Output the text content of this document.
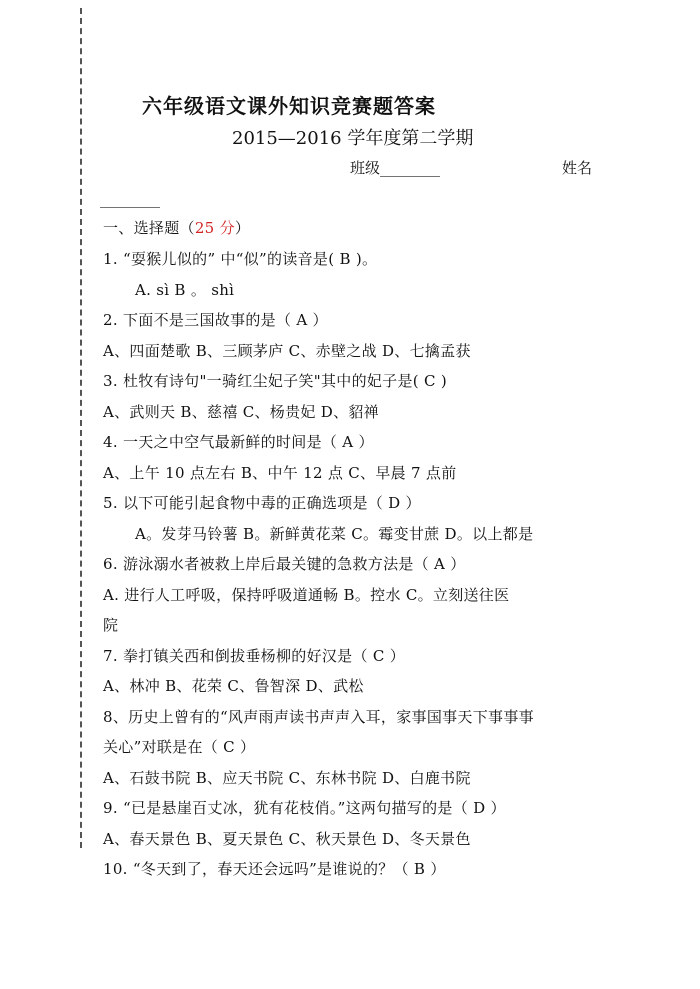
六年级语文课外知识竞赛题答案
2015—2016 学年度第二学期
班级________	姓名
________
一、选择题（25 分）
1. “耍猴儿似的” 中“似”的读音是( B )。
A. sì B 。 shì
2. 下面不是三国故事的是（ A ）
A、四面楚歌 B、三顾茅庐 C、赤壁之战 D、七擒孟获
3. 杜牧有诗句"一骑红尘妃子笑"其中的妃子是( C )
A、武则天 B、慈禧 C、杨贵妃 D、貂禅
4. 一天之中空气最新鲜的时间是（ A ）
A、上午 10 点左右 B、中午 12 点 C、早晨 7 点前
5. 以下可能引起食物中毒的正确选项是（ D ）
A。发芽马铃薯 B。新鲜黄花菜 C。霉变甘蔗 D。以上都是
6. 游泳溺水者被救上岸后最关键的急救方法是（ A ）
A. 进行人工呼吸，保持呼吸道通畅 B。控水 C。立刻送往医
院
7. 拳打镇关西和倒拔垂杨柳的好汉是（ C ）
A、林冲 B、花荣 C、鲁智深 D、武松
8、历史上曾有的“风声雨声读书声声入耳，家事国事天下事事事
关心”对联是在（ C ）
A、石鼓书院 B、应天书院 C、东林书院 D、白鹿书院
9. “已是悬崖百丈冰，犹有花枝俏。”这两句描写的是（ D ）
A、春天景色 B、夏天景色 C、秋天景色 D、冬天景色
10. “冬天到了，春天还会远吗”是谁说的？（ B ）
